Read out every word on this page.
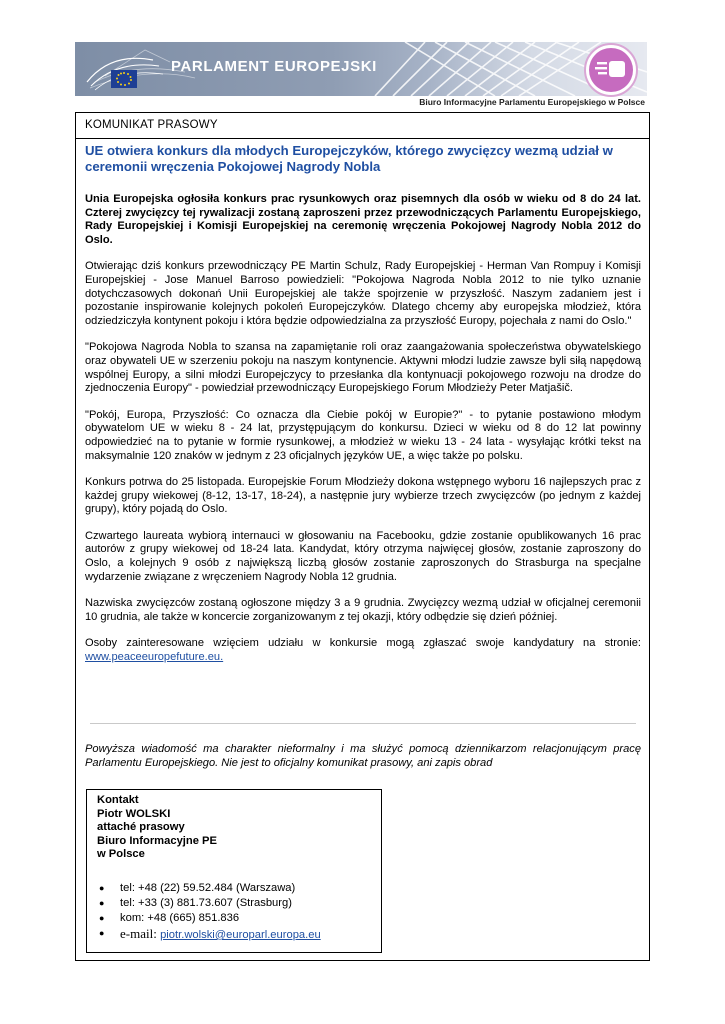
PARLAMENT EUROPEJSKI
Biuro Informacyjne Parlamentu Europejskiego w Polsce
KOMUNIKAT PRASOWY
UE otwiera konkurs dla młodych Europejczyków, którego zwycięzcy wezmą udział w ceremonii wręczenia Pokojowej Nagrody Nobla

Unia Europejska ogłosiła konkurs prac rysunkowych oraz pisemnych dla osób w wieku od 8 do 24 lat. Czterej zwycięzcy tej rywalizacji zostaną zaproszeni przez przewodniczących Parlamentu Europejskiego, Rady Europejskiej i Komisji Europejskiej na ceremonię wręczenia Pokojowej Nagrody Nobla 2012 do Oslo.

Otwierając dziś konkurs przewodniczący PE Martin Schulz, Rady Europejskiej - Herman Van Rompuy i Komisji Europejskiej - Jose Manuel Barroso powiedzieli: "Pokojowa Nagroda Nobla 2012 to nie tylko uznanie dotychczasowych dokonań Unii Europejskiej ale także spojrzenie w przyszłość. Naszym zadaniem jest i pozostanie inspirowanie kolejnych pokoleń Europejczyków. Dlatego chcemy aby europejska młodzież, która odziedziczyła kontynent pokoju i która będzie odpowiedzialna za przyszłość Europy, pojechała z nami do Oslo."

"Pokojowa Nagroda Nobla to szansa na zapamiętanie roli oraz zaangażowania społeczeństwa obywatelskiego oraz obywateli UE w szerzeniu pokoju na naszym kontynencie. Aktywni młodzi ludzie zawsze byli siłą napędową wspólnej Europy, a silni młodzi Europejczycy to przesłanka dla kontynuacji pokojowego rozwoju na drodze do zjednoczenia Europy" - powiedział przewodniczący Europejskiego Forum Młodzieży Peter Matjašič.

"Pokój, Europa, Przyszłość: Co oznacza dla Ciebie pokój w Europie?" - to pytanie postawiono młodym obywatelom UE w wieku 8 - 24 lat, przystępującym do konkursu. Dzieci w wieku od 8 do 12 lat powinny odpowiedzieć na to pytanie w formie rysunkowej, a młodzież w wieku 13 - 24 lata - wysyłając krótki tekst na maksymalnie 120 znaków w jednym z 23 oficjalnych języków UE, a więc także po polsku.

Konkurs potrwa do 25 listopada. Europejskie Forum Młodzieży dokona wstępnego wyboru 16 najlepszych prac z każdej grupy wiekowej (8-12, 13-17, 18-24), a następnie jury wybierze trzech zwycięzców (po jednym z każdej grupy), który pojadą do Oslo.

Czwartego laureata wybiorą internauci w głosowaniu na Facebooku, gdzie zostanie opublikowanych 16 prac autorów z grupy wiekowej od 18-24 lata. Kandydat, który otrzyma najwięcej głosów, zostanie zaproszony do Oslo, a kolejnych 9 osób z największą liczbą głosów zostanie zaproszonych do Strasburga na specjalne wydarzenie związane z wręczeniem Nagrody Nobla 12 grudnia.

Nazwiska zwycięzców zostaną ogłoszone między 3 a 9 grudnia. Zwycięzcy wezmą udział w oficjalnej ceremonii 10 grudnia, ale także w koncercie zorganizowanym z tej okazji, który odbędzie się dzień później.

Osoby zainteresowane wzięciem udziału w konkursie mogą zgłaszać swoje kandydatury na stronie: www.peaceeuropefuture.eu.

Powyższa wiadomość ma charakter nieformalny i ma służyć pomocą dziennikarzom relacjonującym pracę Parlamentu Europejskiego. Nie jest to oficjalny komunikat prasowy, ani zapis obrad

Kontakt
Piotr WOLSKI
attaché prasowy
Biuro Informacyjne PE
w Polsce
● tel: +48 (22) 59.52.484 (Warszawa)
● tel: +33 (3) 881.73.607 (Strasburg)
● kom: +48 (665) 851.836
● e-mail: piotr.wolski@europarl.europa.eu
